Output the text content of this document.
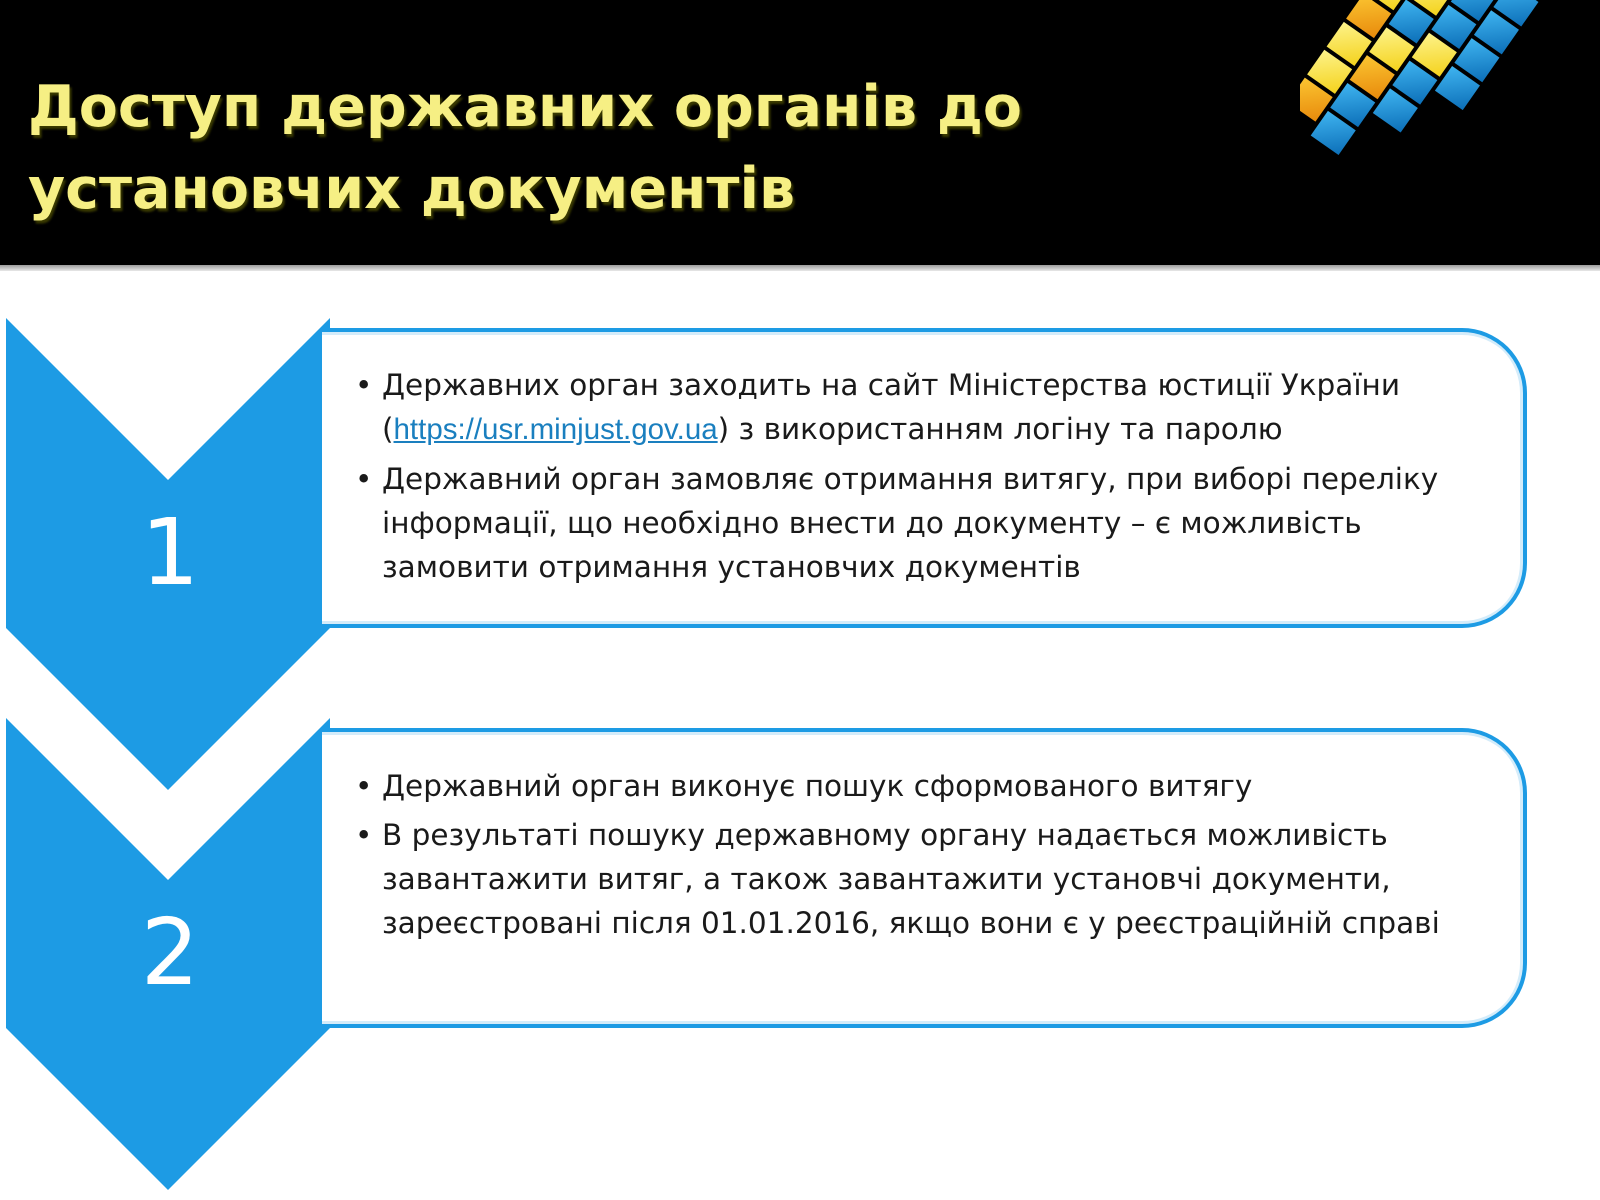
Доступ державних органів до установчих документів
1
2
• Державних орган заходить на сайт Міністерства юстиції України (https://usr.minjust.gov.ua) з використанням логіну та паролю
• Державний орган замовляє отримання витягу, при виборі переліку інформації, що необхідно внести до документу – є можливість замовити отримання установчих документів
• Державний орган виконує пошук сформованого витягу
• В результаті пошуку державному органу надається можливість завантажити витяг, а також завантажити установчі документи, зареєстровані після 01.01.2016, якщо вони є у реєстраційній справі
